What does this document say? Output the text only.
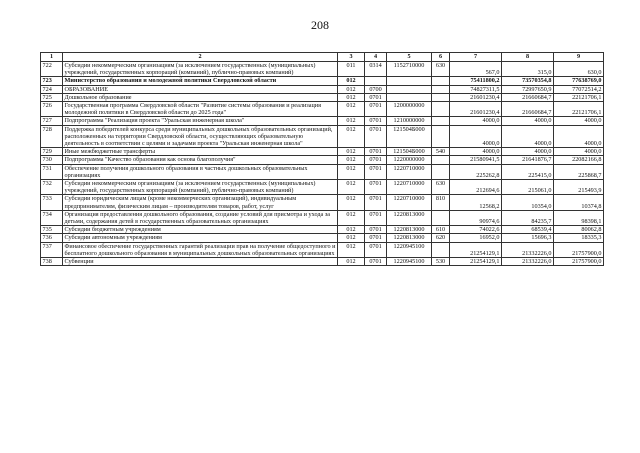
208
1	2	3	4	5	6	7	8	9
722	Субсидии некоммерческим организациям (за исключением государственных (муниципальных) учреждений, государственных корпораций (компаний), публично-правовых компаний)	011	0314	1152710000	630	567,0	315,0	630,0
723	Министерство образования и молодежной политики Свердловской области	012				75411800,2	73570354,8	77638769,0
724	ОБРАЗОВАНИЕ	012	0700			74827311,5	72997650,9	77072514,2
725	Дошкольное образование	012	0701			21601230,4	21660684,7	22121706,1
726	Государственная программа Свердловской области "Развитие системы образования и реализация молодежной политики в Свердловской области до 2025 года"	012	0701	1200000000		21601230,4	21660684,7	22121706,1
727	Подпрограмма "Реализация проекта "Уральская инженерная школа"	012	0701	1210000000		4000,0	4000,0	4000,0
728	Поддержка победителей конкурса среди муниципальных дошкольных образовательных организаций, расположенных на территории Свердловской области, осуществляющих образовательную деятельность в соответствии с целями и задачами проекта "Уральская инженерная школа"	012	0701	121504Б000		4000,0	4000,0	4000,0
729	Иные межбюджетные трансферты	012	0701	121504Б000	540	4000,0	4000,0	4000,0
730	Подпрограмма "Качество образования как основа благополучия"	012	0701	1220000000		21580941,5	21641876,7	22082166,8
731	Обеспечение получения дошкольного образования в частных дошкольных образовательных организациях	012	0701	1220710000		225262,8	225415,0	225868,7
732	Субсидии некоммерческим организациям (за исключением государственных (муниципальных) учреждений, государственных корпораций (компаний), публично-правовых компаний)	012	0701	1220710000	630	212694,6	215061,0	215493,9
733	Субсидии юридическим лицам (кроме некоммерческих организаций), индивидуальным предпринимателям, физическим лицам – производителям товаров, работ, услуг	012	0701	1220710000	810	12568,2	10354,0	10374,8
734	Организация предоставления дошкольного образования, создание условий для присмотра и ухода за детьми, содержания детей в государственных образовательных организациях	012	0701	1220813000		90974,6	84235,7	98398,1
735	Субсидии бюджетным учреждениям	012	0701	1220813000	610	74022,6	68539,4	80062,8
736	Субсидии автономным учреждениям	012	0701	1220813000	620	16952,0	15696,3	18335,3
737	Финансовое обеспечение государственных гарантий реализации прав на получение общедоступного и бесплатного дошкольного образования в муниципальных дошкольных образовательных организациях	012	0701	1220945100		21254129,1	21332226,0	21757900,0
738	Субвенции	012	0701	1220945100	530	21254129,1	21332226,0	21757900,0
